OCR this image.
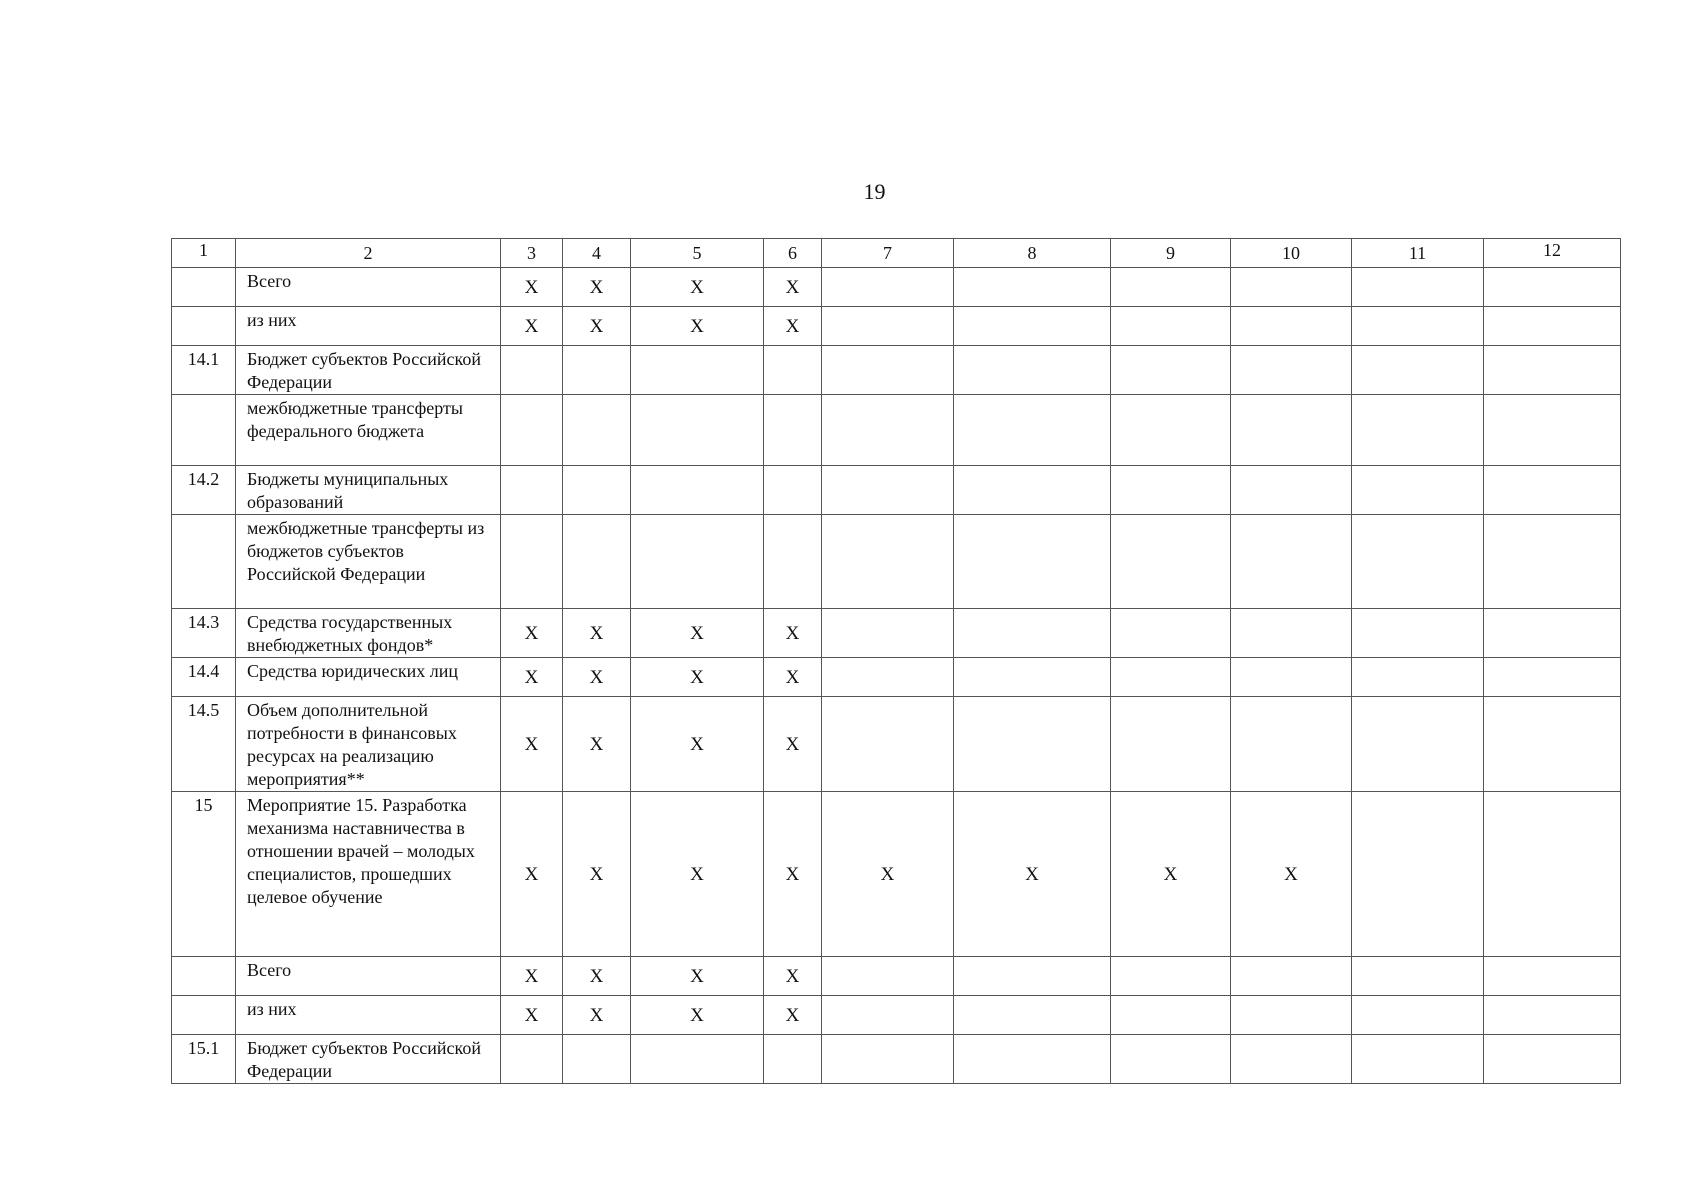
19
1	2	3	4	5	6	7	8	9	10	11	12
	Всего	Х	Х	Х	Х						
	из них	Х	Х	Х	Х						
14.1	Бюджет субъектов Российской Федерации										
	межбюджетные трансферты федерального бюджета										
14.2	Бюджеты муниципальных образований										
	межбюджетные трансферты из бюджетов субъектов Российской Федерации										
14.3	Средства государственных внебюджетных фондов*	Х	Х	Х	Х						
14.4	Средства юридических лиц	Х	Х	Х	Х						
14.5	Объем дополнительной потребности в финансовых ресурсах на реализацию мероприятия**	Х	Х	Х	Х						
15	Мероприятие 15. Разработка механизма наставничества в отношении врачей – молодых специалистов, прошедших целевое обучение	Х	Х	Х	Х	Х	Х	Х	Х		
	Всего	Х	Х	Х	Х						
	из них	Х	Х	Х	Х						
15.1	Бюджет субъектов Российской Федерации										
